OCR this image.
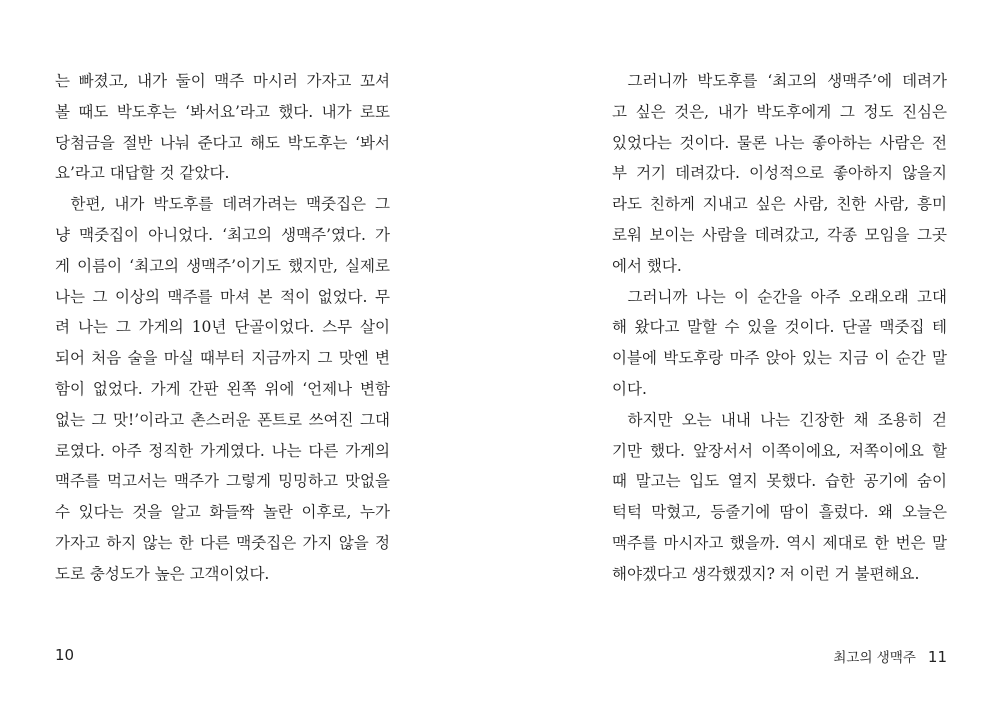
는 빠졌고, 내가 둘이 맥주 마시러 가자고 꼬셔
볼 때도 박도후는 ‘봐서요’라고 했다. 내가 로또
당첨금을 절반 나눠 준다고 해도 박도후는 ‘봐서
요’라고 대답할 것 같았다.
한편, 내가 박도후를 데려가려는 맥줏집은 그
냥 맥줏집이 아니었다. ‘최고의 생맥주’였다. 가
게 이름이 ‘최고의 생맥주’이기도 했지만, 실제로
나는 그 이상의 맥주를 마셔 본 적이 없었다. 무
려 나는 그 가게의 10년 단골이었다. 스무 살이
되어 처음 술을 마실 때부터 지금까지 그 맛엔 변
함이 없었다. 가게 간판 왼쪽 위에 ‘언제나 변함
없는 그 맛!’이라고 촌스러운 폰트로 쓰여진 그대
로였다. 아주 정직한 가게였다. 나는 다른 가게의
맥주를 먹고서는 맥주가 그렇게 밍밍하고 맛없을
수 있다는 것을 알고 화들짝 놀란 이후로, 누가
가자고 하지 않는 한 다른 맥줏집은 가지 않을 정
도로 충성도가 높은 고객이었다.
10
그러니까 박도후를 ‘최고의 생맥주’에 데려가
고 싶은 것은, 내가 박도후에게 그 정도 진심은
있었다는 것이다. 물론 나는 좋아하는 사람은 전
부 거기 데려갔다. 이성적으로 좋아하지 않을지
라도 친하게 지내고 싶은 사람, 친한 사람, 흥미
로워 보이는 사람을 데려갔고, 각종 모임을 그곳
에서 했다.
그러니까 나는 이 순간을 아주 오래오래 고대
해 왔다고 말할 수 있을 것이다. 단골 맥줏집 테
이블에 박도후랑 마주 앉아 있는 지금 이 순간 말
이다.
하지만 오는 내내 나는 긴장한 채 조용히 걷
기만 했다. 앞장서서 이쪽이에요, 저쪽이에요 할
때 말고는 입도 열지 못했다. 습한 공기에 숨이
턱턱 막혔고, 등줄기에 땀이 흘렀다. 왜 오늘은
맥주를 마시자고 했을까. 역시 제대로 한 번은 말
해야겠다고 생각했겠지? 저 이런 거 불편해요.
최고의 생맥주 11
